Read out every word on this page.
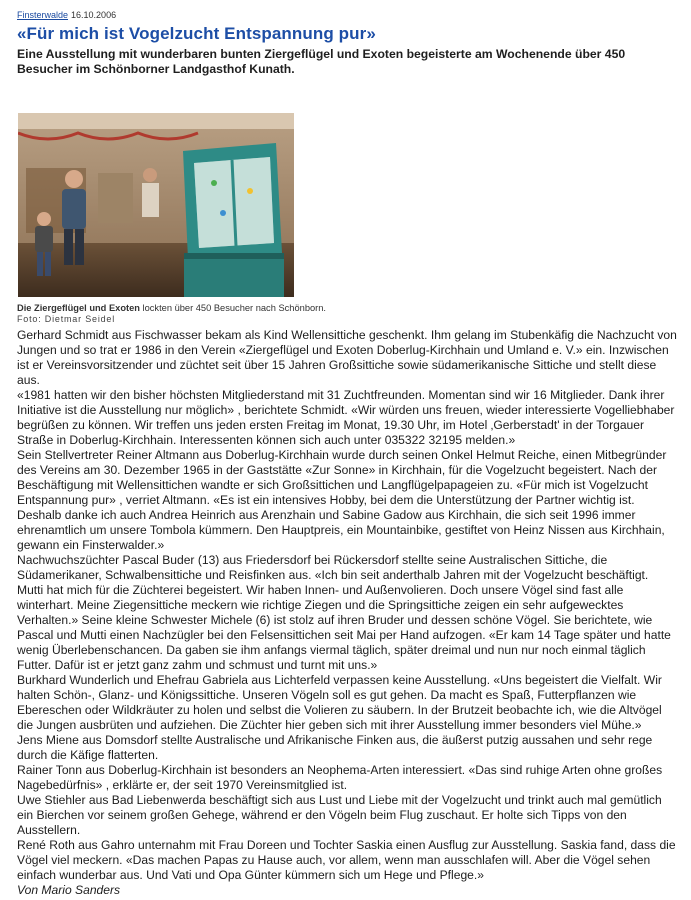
Finsterwalde 16.10.2006
«Für mich ist Vogelzucht Entspannung pur»

Eine Ausstellung mit wunderbaren bunten Ziergeflügel und Exoten begeisterte am Wochenende über 450 Besucher im Schönborner Landgasthof Kunath.

Die Ziergeflügel und Exoten lockten über 450 Besucher nach Schönborn.
Foto: Dietmar Seidel

Gerhard Schmidt aus Fischwasser bekam als Kind Wellensittiche geschenkt. Ihm gelang im Stubenkäfig die Nachzucht von Jungen und so trat er 1986 in den Verein «Ziergeflügel und Exoten Doberlug-Kirchhain und Umland e. V.» ein. Inzwischen ist er Vereinsvorsitzender und züchtet seit über 15 Jahren Großsittiche sowie südamerikanische Sittiche und stellt diese aus.

«1981 hatten wir den bisher höchsten Mitgliederstand mit 31 Zuchtfreunden. Momentan sind wir 16 Mitglieder. Dank ihrer Initiative ist die Ausstellung nur möglich» , berichtete Schmidt. «Wir würden uns freuen, wieder interessierte Vogelliebhaber begrüßen zu können. Wir treffen uns jeden ersten Freitag im Monat, 19.30 Uhr, im Hotel ‚Gerberstadt' in der Torgauer Straße in Doberlug-Kirchhain. Interessenten können sich auch unter 035322 32195 melden.»

Sein Stellvertreter Reiner Altmann aus Doberlug-Kirchhain wurde durch seinen Onkel Helmut Reiche, einen Mitbegründer des Vereins am 30. Dezember 1965 in der Gaststätte «Zur Sonne» in Kirchhain, für die Vogelzucht begeistert. Nach der Beschäftigung mit Wellensittichen wandte er sich Großsittichen und Langflügelpapageien zu. «Für mich ist Vogelzucht Entspannung pur» , verriet Altmann. «Es ist ein intensives Hobby, bei dem die Unterstützung der Partner wichtig ist. Deshalb danke ich auch Andrea Heinrich aus Arenzhain und Sabine Gadow aus Kirchhain, die sich seit 1996 immer ehrenamtlich um unsere Tombola kümmern. Den Hauptpreis, ein Mountainbike, gestiftet von Heinz Nissen aus Kirchhain, gewann ein Finsterwalder.»

Nachwuchszüchter Pascal Buder (13) aus Friedersdorf bei Rückersdorf stellte seine Australischen Sittiche, die Südamerikaner, Schwalbensittiche und Reisfinken aus. «Ich bin seit anderthalb Jahren mit der Vogelzucht beschäftigt. Mutti hat mich für die Züchterei begeistert. Wir haben Innen- und Außenvolieren. Doch unsere Vögel sind fast alle winterhart. Meine Ziegensittiche meckern wie richtige Ziegen und die Springsittiche zeigen ein sehr aufgewecktes Verhalten.» Seine kleine Schwester Michele (6) ist stolz auf ihren Bruder und dessen schöne Vögel. Sie berichtete, wie Pascal und Mutti einen Nachzügler bei den Felsensittichen seit Mai per Hand aufzogen. «Er kam 14 Tage später und hatte wenig Überlebenschancen. Da gaben sie ihm anfangs viermal täglich, später dreimal und nun nur noch einmal täglich Futter. Dafür ist er jetzt ganz zahm und schmust und turnt mit uns.»

Burkhard Wunderlich und Ehefrau Gabriela aus Lichterfeld verpassen keine Ausstellung. «Uns begeistert die Vielfalt. Wir halten Schön-, Glanz- und Königssittiche. Unseren Vögeln soll es gut gehen. Da macht es Spaß, Futterpflanzen wie Ebereschen oder Wildkräuter zu holen und selbst die Volieren zu säubern. In der Brutzeit beobachte ich, wie die Altvögel die Jungen ausbrüten und aufziehen. Die Züchter hier geben sich mit ihrer Ausstellung immer besonders viel Mühe.»

Jens Miene aus Domsdorf stellte Australische und Afrikanische Finken aus, die äußerst putzig aussahen und sehr rege durch die Käfige flatterten.

Rainer Tonn aus Doberlug-Kirchhain ist besonders an Neophema-Arten interessiert. «Das sind ruhige Arten ohne großes Nagebedürfnis» , erklärte er, der seit 1970 Vereinsmitglied ist.

Uwe Stiehler aus Bad Liebenwerda beschäftigt sich aus Lust und Liebe mit der Vogelzucht und trinkt auch mal gemütlich ein Bierchen vor seinem großen Gehege, während er den Vögeln beim Flug zuschaut. Er holte sich Tipps von den Ausstellern.

René Roth aus Gahro unternahm mit Frau Doreen und Tochter Saskia einen Ausflug zur Ausstellung. Saskia fand, dass die Vögel viel meckern. «Das machen Papas zu Hause auch, vor allem, wenn man ausschlafen will. Aber die Vögel sehen einfach wunderbar aus. Und Vati und Opa Günter kümmern sich um Hege und Pflege.»

Von Mario Sanders
